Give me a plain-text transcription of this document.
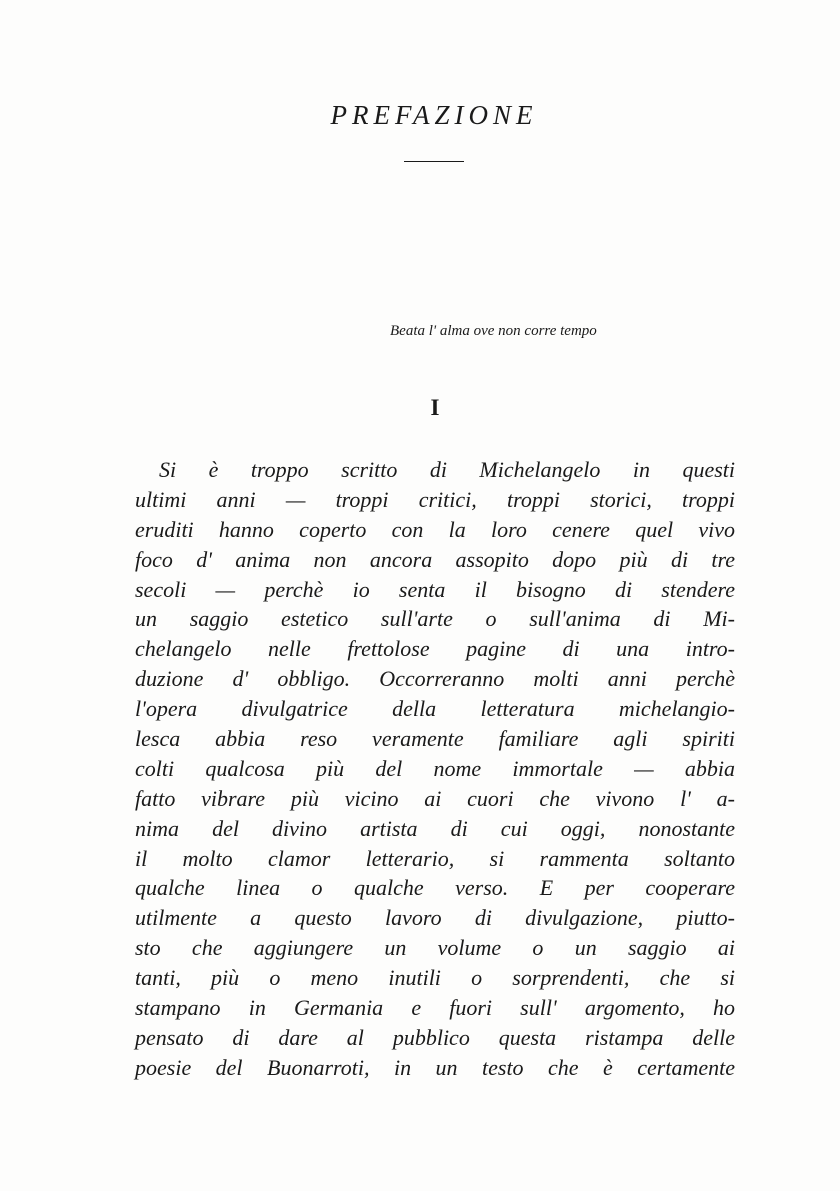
PREFAZIONE

Beata l' alma ove non corre tempo

I
Si è troppo scritto di Michelangelo in questi
ultimi anni — troppi critici, troppi storici, troppi
eruditi hanno coperto con la loro cenere quel vivo
foco d' anima non ancora assopito dopo più di tre
secoli — perchè io senta il bisogno di stendere
un saggio estetico sull'arte o sull'anima di Mi-
chelangelo nelle frettolose pagine di una intro-
duzione d' obbligo. Occorreranno molti anni perchè
l'opera divulgatrice della letteratura michelangio-
lesca abbia reso veramente familiare agli spiriti
colti qualcosa più del nome immortale — abbia
fatto vibrare più vicino ai cuori che vivono l' a-
nima del divino artista di cui oggi, nonostante
il molto clamor letterario, si rammenta soltanto
qualche linea o qualche verso. E per cooperare
utilmente a questo lavoro di divulgazione, piutto-
sto che aggiungere un volume o un saggio ai
tanti, più o meno inutili o sorprendenti, che si
stampano in Germania e fuori sull' argomento, ho
pensato di dare al pubblico questa ristampa delle
poesie del Buonarroti, in un testo che è certamente
